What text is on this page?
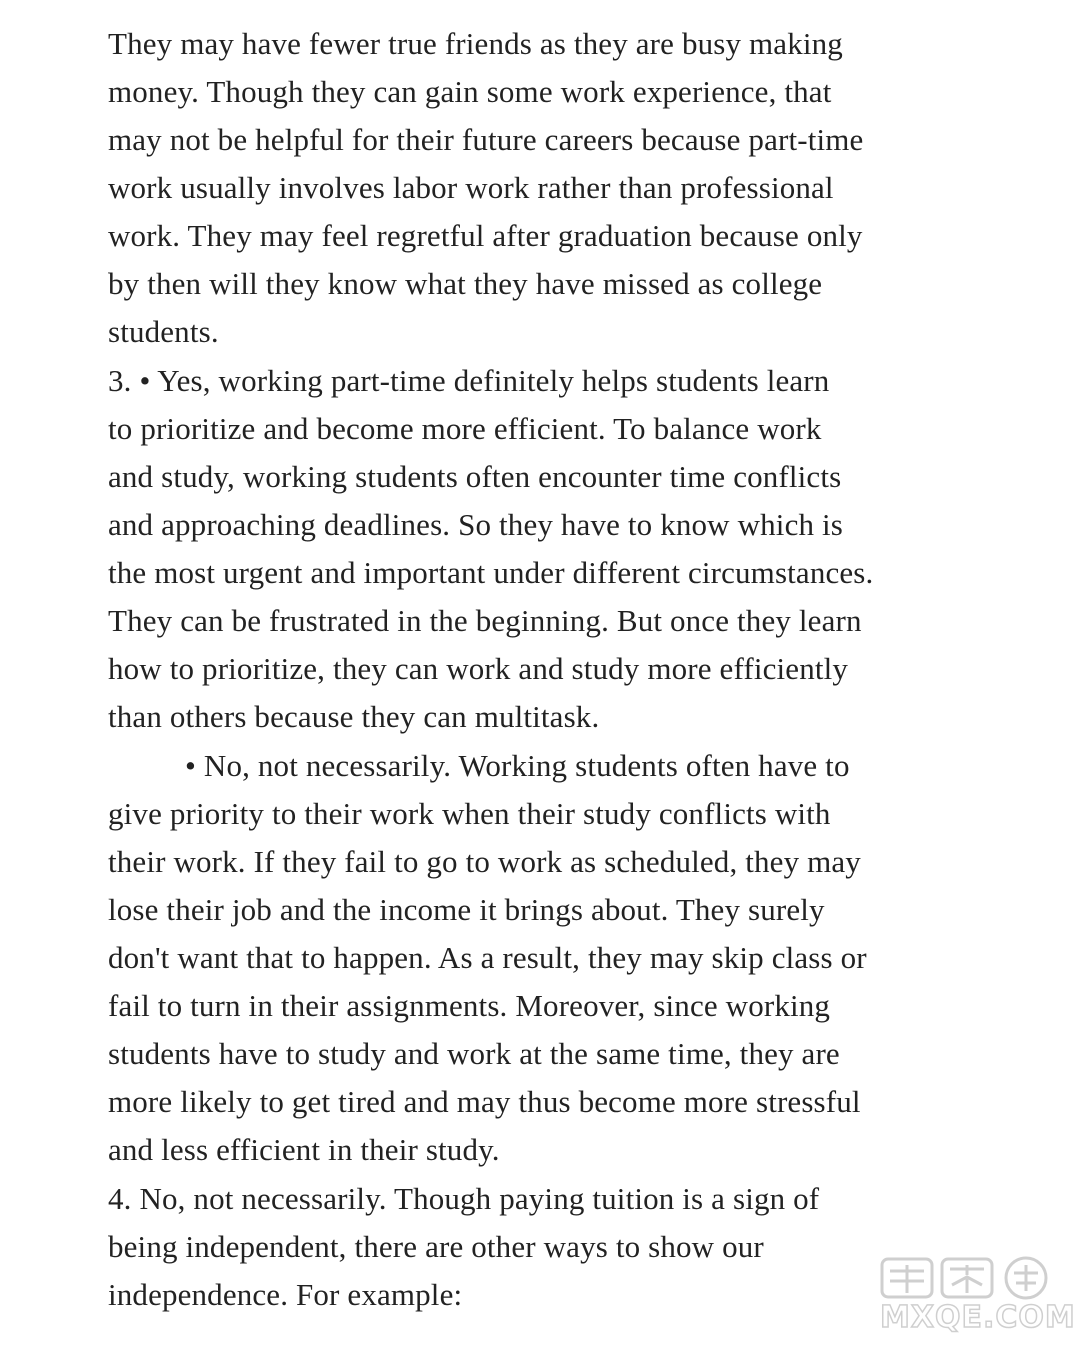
They may have fewer true friends as they are busy making
money. Though they can gain some work experience, that
may not be helpful for their future careers because part-time
work usually involves labor work rather than professional
work. They may feel regretful after graduation because only
by then will they know what they have missed as college
students.
3. • Yes, working part-time definitely helps students learn
to prioritize and become more efficient. To balance work
and study, working students often encounter time conflicts
and approaching deadlines. So they have to know which is
the most urgent and important under different circumstances.
They can be frustrated in the beginning. But once they learn
how to prioritize, they can work and study more efficiently
than others because they can multitask.
• No, not necessarily. Working students often have to
give priority to their work when their study conflicts with
their work. If they fail to go to work as scheduled, they may
lose their job and the income it brings about. They surely
don't want that to happen. As a result, they may skip class or
fail to turn in their assignments. Moreover, since working
students have to study and work at the same time, they are
more likely to get tired and may thus become more stressful
and less efficient in their study.
4. No, not necessarily. Though paying tuition is a sign of
being independent, there are other ways to show our
independence. For example:
MXQE.COM
